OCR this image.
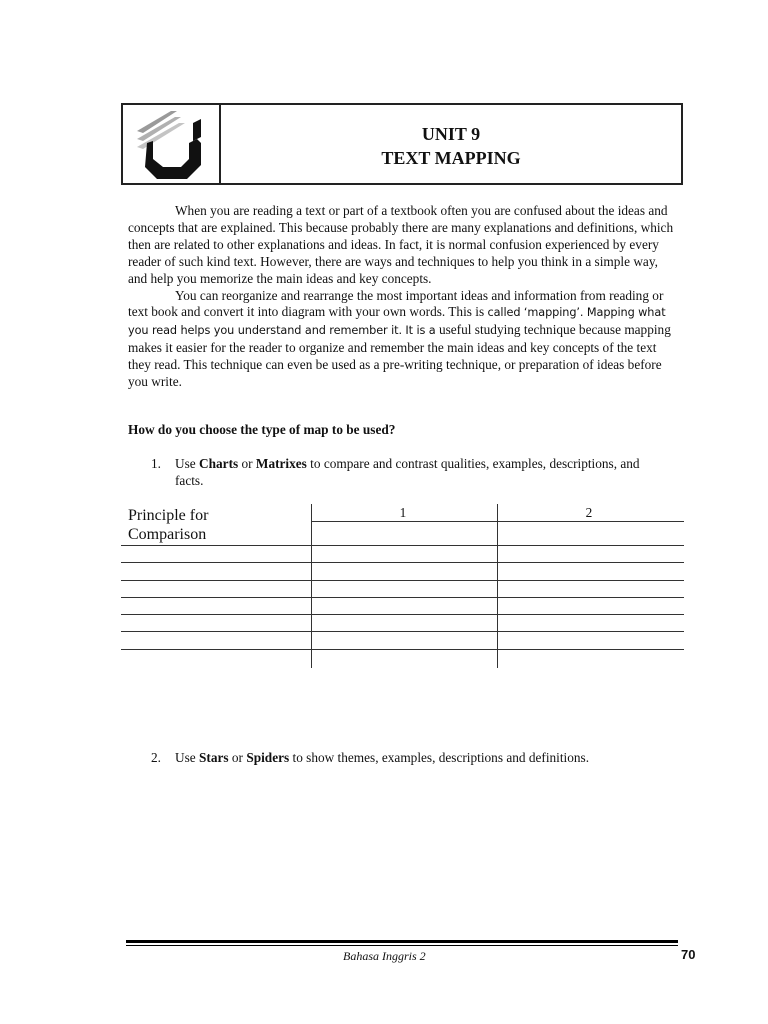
UNIT 9
TEXT MAPPING

When you are reading a text or part of a textbook often you are confused about the ideas and concepts that are explained. This because probably there are many explanations and definitions, which then are related to other explanations and ideas. In fact, it is normal confusion experienced by every reader of such kind text. However, there are ways and techniques to help you think in a simple way, and help you memorize the main ideas and key concepts.

You can reorganize and rearrange the most important ideas and information from reading or text book and convert it into diagram with your own words. This is called ‘mapping’. Mapping what you read helps you understand and remember it. It is a useful studying technique because mapping makes it easier for the reader to organize and remember the main ideas and key concepts of the text they read. This technique can even be used as a pre-writing technique, or preparation of ideas before you write.

How do you choose the type of map to be used?
1. Use Charts or Matrixes to compare and contrast qualities, examples, descriptions, and facts.
Principle for
Comparison
1	2
2. Use Stars or Spiders to show themes, examples, descriptions and definitions.
Bahasa Inggris 2	70
